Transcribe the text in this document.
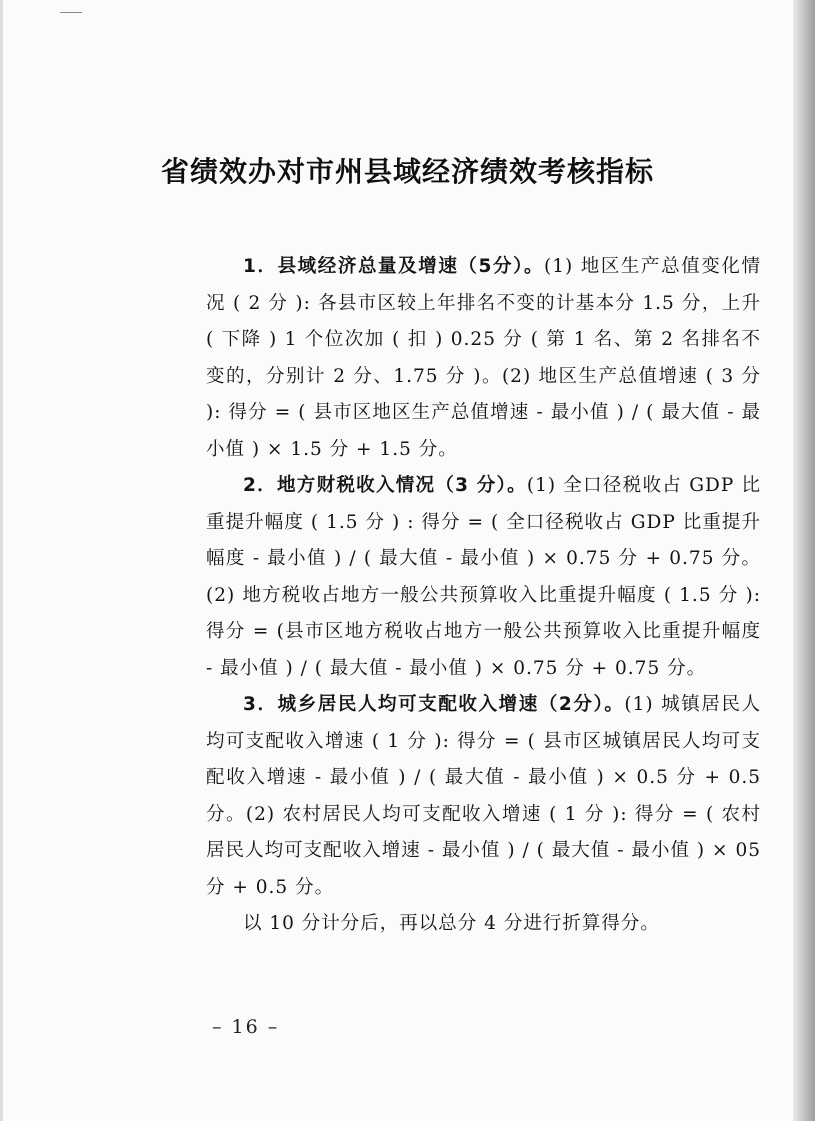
省绩效办对市州县域经济绩效考核指标

1．县域经济总量及增速（5分）。(1) 地区生产总值变化情况 ( 2 分 ): 各县市区较上年排名不变的计基本分 1.5 分，上升 ( 下降 ) 1 个位次加 ( 扣 ) 0.25 分 ( 第 1 名、第 2 名排名不变的，分别计 2 分、1.75 分 )。(2) 地区生产总值增速 ( 3 分 ): 得分 = ( 县市区地区生产总值增速 - 最小值 ) / ( 最大值 - 最小值 ) × 1.5 分 + 1.5 分。

2．地方财税收入情况（3 分）。(1) 全口径税收占 GDP 比重提升幅度 ( 1.5 分 ) : 得分 = ( 全口径税收占 GDP 比重提升幅度 - 最小值 ) / ( 最大值 - 最小值 ) × 0.75 分 + 0.75 分。(2) 地方税收占地方一般公共预算收入比重提升幅度 ( 1.5 分 ): 得分 = (县市区地方税收占地方一般公共预算收入比重提升幅度 - 最小值 ) / ( 最大值 - 最小值 ) × 0.75 分 + 0.75 分。

3．城乡居民人均可支配收入增速（2分）。(1) 城镇居民人均可支配收入增速 ( 1 分 ): 得分 = ( 县市区城镇居民人均可支配收入增速 - 最小值 ) / ( 最大值 - 最小值 ) × 0.5 分 + 0.5 分。(2) 农村居民人均可支配收入增速 ( 1 分 ): 得分 = ( 农村居民人均可支配收入增速 - 最小值 ) / ( 最大值 - 最小值 ) × 05 分 + 0.5 分。

以 10 分计分后，再以总分 4 分进行折算得分。

– 16 –
